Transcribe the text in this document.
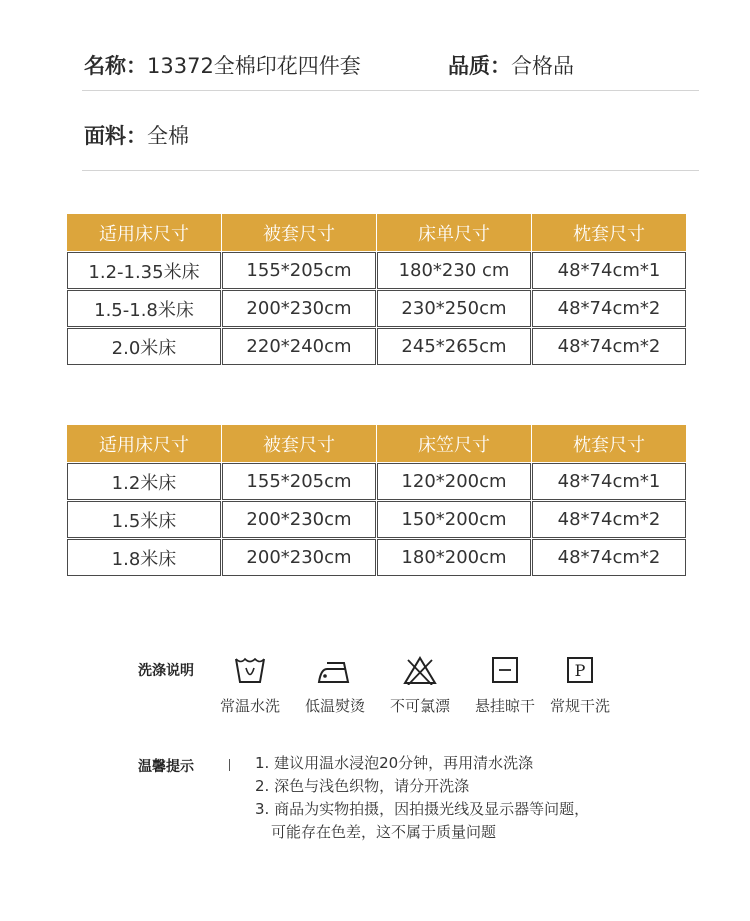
名称：13372全棉印花四件套	品质：合格品
面料：全棉
适用床尺寸	被套尺寸	床单尺寸	枕套尺寸
1.2-1.35米床	155*205cm	180*230 cm	48*74cm*1
1.5-1.8米床	200*230cm	230*250cm	48*74cm*2
2.0米床	220*240cm	245*265cm	48*74cm*2
适用床尺寸	被套尺寸	床笠尺寸	枕套尺寸
1.2米床	155*205cm	120*200cm	48*74cm*1
1.5米床	200*230cm	150*200cm	48*74cm*2
1.8米床	200*230cm	180*200cm	48*74cm*2
洗涤说明
常温水洗	低温熨烫	不可氯漂	悬挂晾干
P
常规干洗
温馨提示	1. 建议用温水浸泡20分钟，再用清水洗涤
2. 深色与浅色织物，请分开洗涤
3. 商品为实物拍摄，因拍摄光线及显示器等问题，
可能存在色差，这不属于质量问题
